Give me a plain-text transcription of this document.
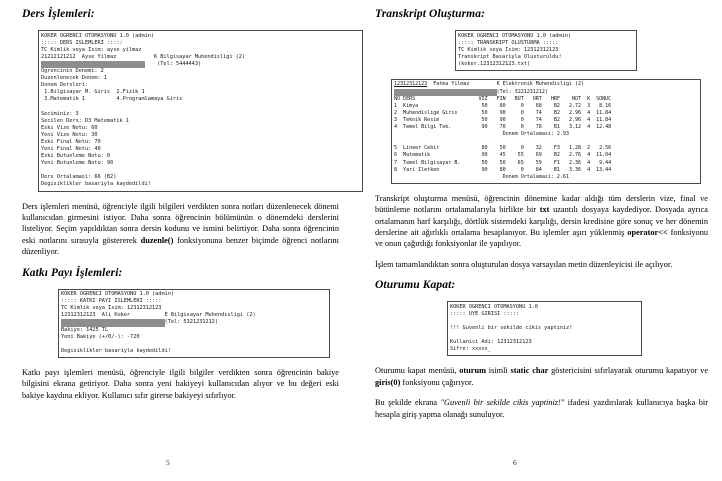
Ders İşlemleri:
KOKER OGRENCI OTOMASYONU 1.0 (admin)
::::: DERS ISLEMLERI :::::
TC Kimlik veya Isim: ayse yilmaz
21212121212  Ayse Yilmaz            K Bilgisayar Muhendisligi (2)
(Tel: 5444443)
Ogrencinin Donemi: 2
Duzenlenecek Donem: 1
Donem Dersleri:
1.Bilgisayar M. Giris  2.Fizik 1
3.Matematik 1          4.Programlamaya Giris

Seciminiz: 3
Secilen Ders: D3 Matematik 1
Eski Vize Notu: 60
Yeni Vize Notu: 30
Eski Final Notu: 70
Yeni Final Notu: 40
Eski Butunleme Notu: 0
Yeni Butunleme Notu: 90

Ders Ortalamasi: 66 (B2)
Degisiklikler basariyla kaydedildi!

Ders işlemleri menüsü, öğrenciyle ilgili bilgileri verdikten sonra notları düzenlenecek dönemi kullanıcıdan girmesini istiyor. Daha sonra öğrencinin bölümünün o dönemdeki derslerini listeliyor. Seçim yapıldıktan sonra dersin kodunu ve ismini belirtiyor. Daha sonra öğrencinin eski notlarını sırasıyla göstererek duzenle() fonksiyonuna benzer biçimde öğrenci notlarını düzenliyor.

Katkı Payı İşlemleri:
KOKER OGRENCI OTOMASYONU 1.0 (admin)
::::: KATKI PAYI ISLEMLERI :::::
TC Kimlik veya Isim: 12312312123
12312312123  Ali Koker           E Bilgisayar Muhendisligi (2)
(Tel: 5321231212)
Bakiye: 1425 TL
Yeni Bakiye (+/0/-): -720

Degisiklikler basariyla kaydedildi!

Katkı payı işlemleri menüsü, öğrenciyle ilgili bilgiler verdikten sonra öğrencinin bakiye bilgisini ekrana getiriyor. Daha sonra yeni bakiyeyi kullanıcıdan alıyor ve bu değeri eski bakiye kaydına ekliyor. Kullanıcı sıfır girerse bakiyeyi sıfırlıyor.

5
Transkript Oluşturma:
KOKER OGRENCI OTOMASYONU 1.0 (admin)
::::: TRANSKRIPT OLUSTURMA :::::
TC Kimlik veya Isim: 12312312123
Transkript Basariyla Olusturuldu!
(koker.12312312123.txt)
12312312123  Fatma Yilmaz         K Elektronik Muhendisligi (2)
(Tel: 3221231212)
NO DERS                     VIZ   FIN   BUT   ORT   HRF    NOT  K  SONUC
1  Kimya                     50    80     0    68    B2   2.72  3   8.16
2  Muhendislige Giris        50    90     0    74    B2   2.96  4  11.84
3  Teknik Resim              50    90     0    74    B2   2.96  4  11.84
4  Temel Bilgi Tek.          90    70     0    78    B1   3.12  4  12.48
Donem Ortalamasi: 2.93

5  Lineer Cebir              80    50     0    32    F3   1.28  2   2.56
6  Matematik                 90    45    55    69    B2   2.76  4  11.04
7  Temel Bilgisayar B.       50    50    65    59    F1   2.36  4   9.44
8  Yari Iletken              90    80     0    84    B1   3.36  4  13.44
Donem Ortalamasi: 2.61

Transkript oluşturma menüsü, öğrencinin dönemine kadar aldığı tüm derslerin vize, final ve bütünleme notlarını ortalamalarıyla birlikte bir txt uzantılı dosyaya kaydediyor. Dosyada ayrıca ortalamanın harf karşılığı, dörtlük sistemdeki karşılığı, dersin kredisine göre sonuç ve her dönemin derslerine ait ağırlıklı ortalama hesaplanıyor. Bu işlemler aşırı yüklenmiş operator<< fonksiyonu ve onun çağırdığı fonksiyonlar ile yapılıyor.

İşlem tamamlandıktan sonra oluşturulan dosya varsayılan metin düzenleyicisi ile açılıyor.

Oturumu Kapat:
KOKER OGRENCI OTOMASYONU 1.0
::::: UYE GIRISI :::::

!!! Guvenli bir sekilde cikis yaptiniz!

Kullanici Adi: 12312312123
Sifre: xxxxx_

Oturumu kapat menüsü, oturum isimli static char göstericisini sıfırlayarak oturumu kapatıyor ve giris(0) fonksiyonu çağırıyor.

Bu şekilde ekrana "Guvenli bir sekilde cikis yaptiniz!" ifadesi yazdırılarak kullanıcıya başka bir hesapla giriş yapma olanağı sunuluyor.

6
